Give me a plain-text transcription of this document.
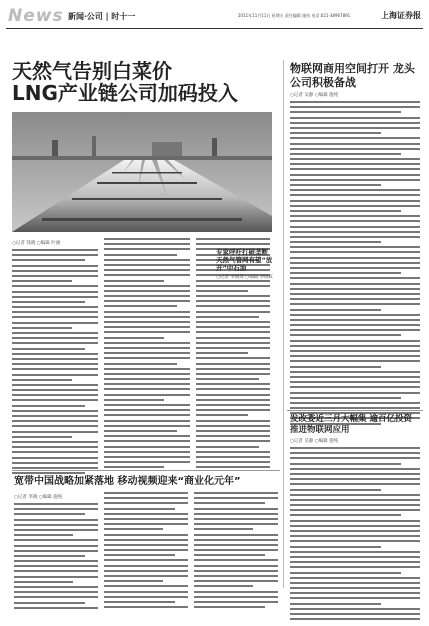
News 新闻·公司 | 时十一	2011年11月11日 星期五 责任编辑 施纯 电话:021-38967891	上海证券报
天然气告别白菜价
LNG产业链公司加码投入
○记者 钱晓 ○编辑 叶涵
专家呼吁打破垄断 天然气管网有望“放开”中石油
○记者 李晓琦 ○编辑 李晓虹
物联网商用空间打开 龙头公司积极备战
○记者 吴静 ○编辑 施纯
发改委近三月大幅集 逾百亿投资推进物联网应用
○记者 吴静 ○编辑 施纯
宽带中国战略加紧落地 移动视频迎来“商业化元年”
○记者 李晓 ○编辑 施纯
